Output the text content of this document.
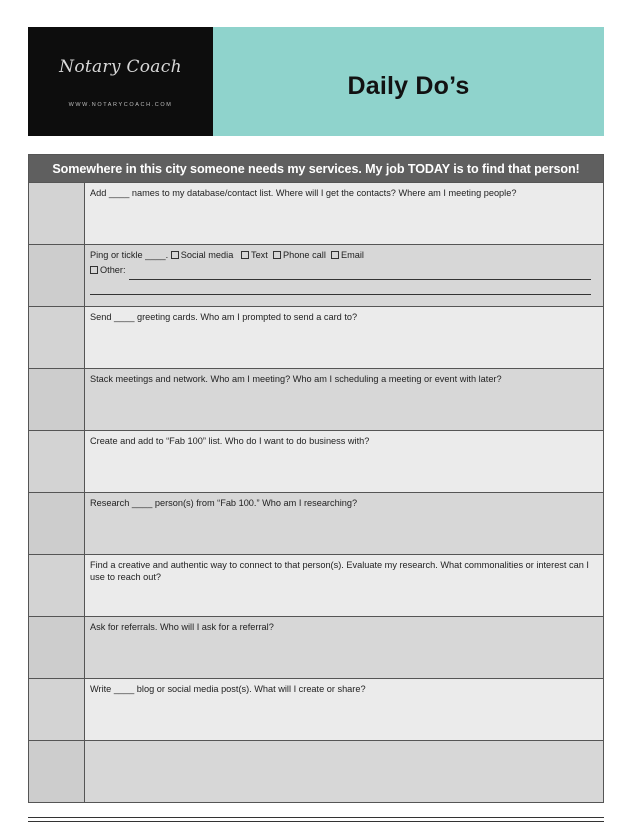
Notary Coach
WWW.NOTARYCOACH.COM
Daily Do’s
Somewhere in this city someone needs my services. My job TODAY is to find that person!
Add ____ names to my database/contact list. Where will I get the contacts? Where am I meeting people?
Ping or tickle ____. Social media Text Phone call Email
Other:
Send ____ greeting cards. Who am I prompted to send a card to?
Stack meetings and network. Who am I meeting? Who am I scheduling a meeting or event with later?
Create and add to “Fab 100” list. Who do I want to do business with?
Research ____ person(s) from “Fab 100.” Who am I researching?
Find a creative and authentic way to connect to that person(s). Evaluate my research. What commonalities or interest can I use to reach out?
Ask for referrals. Who will I ask for a referral?
Write ____ blog or social media post(s). What will I create or share?
